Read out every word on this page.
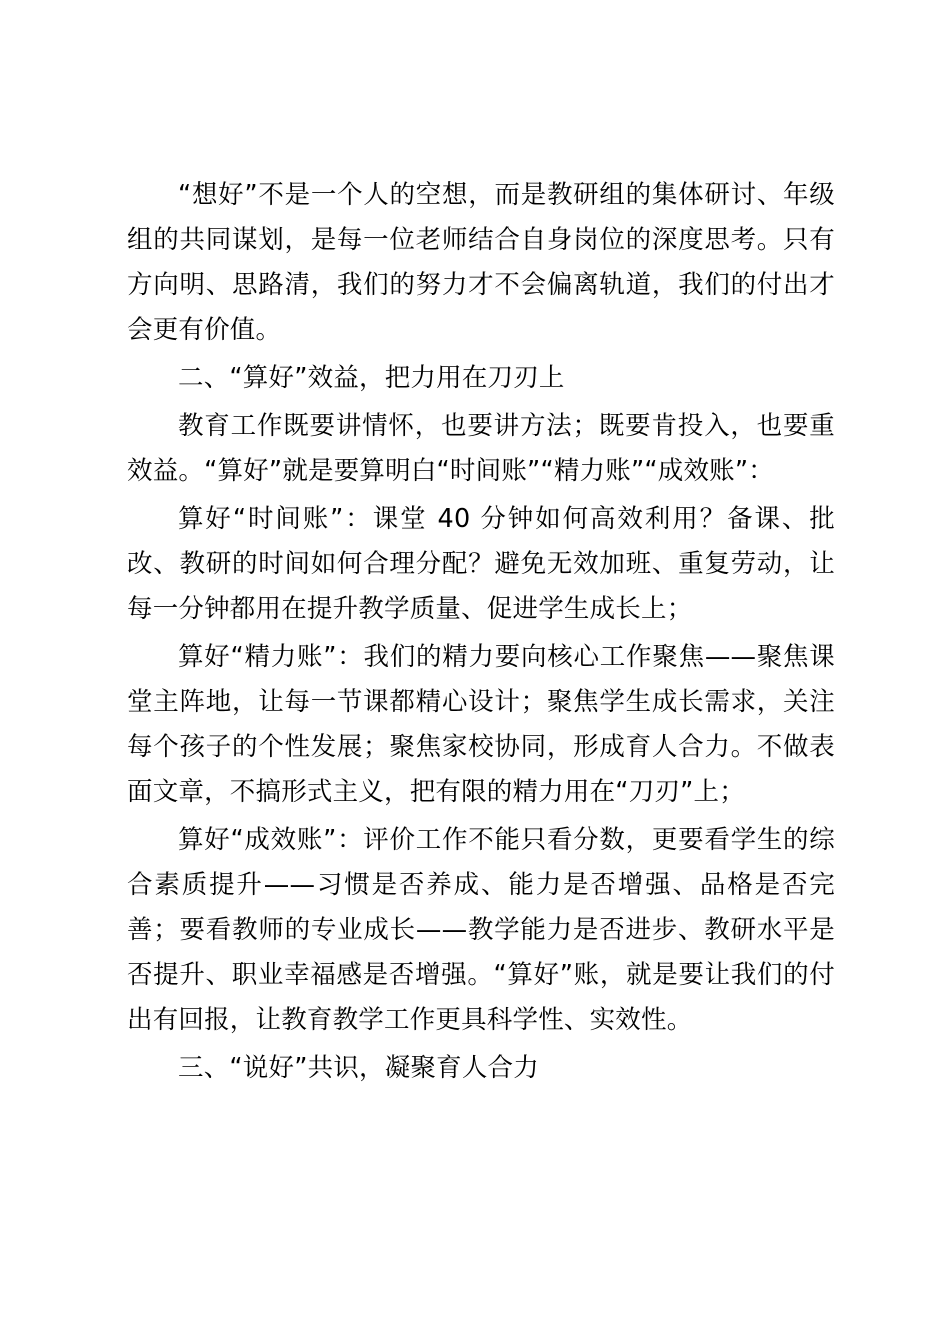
“想好”不是一个人的空想，而是教研组的集体研讨、年级组的共同谋划，是每一位老师结合自身岗位的深度思考。只有方向明、思路清，我们的努力才不会偏离轨道，我们的付出才会更有价值。

二、“算好”效益，把力用在刀刃上

教育工作既要讲情怀，也要讲方法；既要肯投入，也要重效益。“算好”就是要算明白“时间账”“精力账”“成效账”：

算好“时间账”：课堂 40 分钟如何高效利用？备课、批改、教研的时间如何合理分配？避免无效加班、重复劳动，让每一分钟都用在提升教学质量、促进学生成长上；

算好“精力账”：我们的精力要向核心工作聚焦——聚焦课堂主阵地，让每一节课都精心设计；聚焦学生成长需求，关注每个孩子的个性发展；聚焦家校协同，形成育人合力。不做表面文章，不搞形式主义，把有限的精力用在“刀刃”上；

算好“成效账”：评价工作不能只看分数，更要看学生的综合素质提升——习惯是否养成、能力是否增强、品格是否完善；要看教师的专业成长——教学能力是否进步、教研水平是否提升、职业幸福感是否增强。“算好”账，就是要让我们的付出有回报，让教育教学工作更具科学性、实效性。

三、“说好”共识，凝聚育人合力
